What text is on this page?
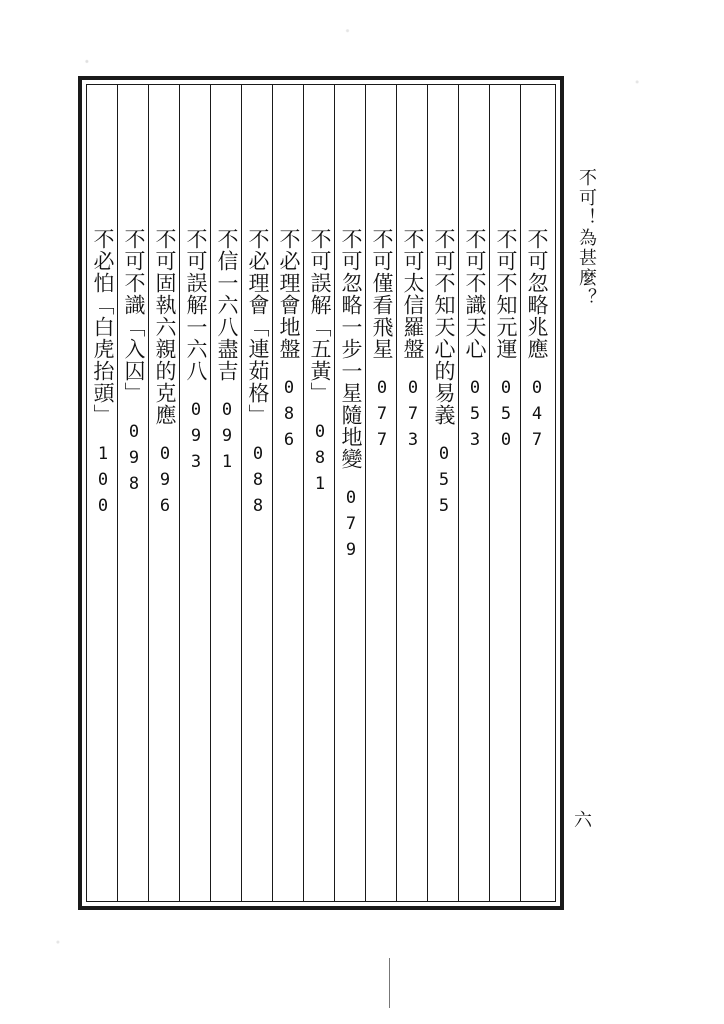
不可忽略兆應047
不可不知元運050
不可不識天心053
不可不知天心的易義055
不可太信羅盤073
不可僅看飛星077
不可忽略一步一星隨地變079
不可誤解「五黃」081
不必理會地盤086
不必理會「連茹格」088
不信一六八盡吉091
不可誤解一六八093
不可固執六親的克應096
不可不識「入囚」098
不必怕「白虎抬頭」100
不可！為甚麼？
六
